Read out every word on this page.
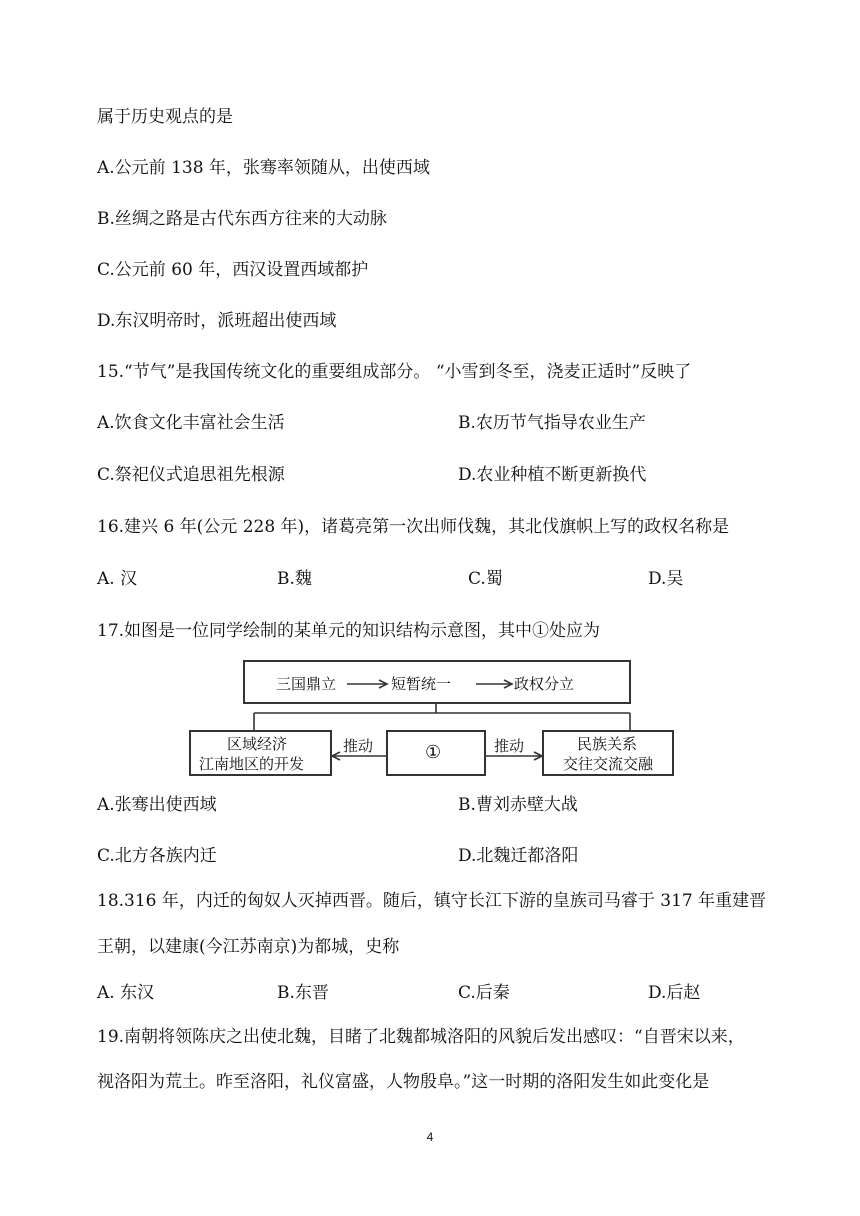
属于历史观点的是
A.公元前 138 年，张骞率领随从，出使西域
B.丝绸之路是古代东西方往来的大动脉
C.公元前 60 年，西汉设置西域都护
D.东汉明帝时，派班超出使西域
15.“节气”是我国传统文化的重要组成部分。 “小雪到冬至，浇麦正适时”反映了
A.饮食文化丰富社会生活	B.农历节气指导农业生产
C.祭祀仪式追思祖先根源	D.农业种植不断更新换代
16.建兴 6 年(公元 228 年)，诸葛亮第一次出师伐魏，其北伐旗帜上写的政权名称是
A. 汉	B.魏	C.蜀	D.吴
17.如图是一位同学绘制的某单元的知识结构示意图，其中①处应为
三国鼎立	短暂统一	政权分立
区域经济
江南地区的开发
①	民族关系
交往交流交融
推动	推动
A.张骞出使西域	B.曹刘赤壁大战
C.北方各族内迁	D.北魏迁都洛阳
18.316 年，内迁的匈奴人灭掉西晋。随后，镇守长江下游的皇族司马睿于 317 年重建晋
王朝，以建康(今江苏南京)为都城，史称
A. 东汉	B.东晋	C.后秦	D.后赵
19.南朝将领陈庆之出使北魏，目睹了北魏都城洛阳的风貌后发出感叹：“自晋宋以来，
视洛阳为荒土。昨至洛阳，礼仪富盛，人物殷阜。”这一时期的洛阳发生如此变化是
4
